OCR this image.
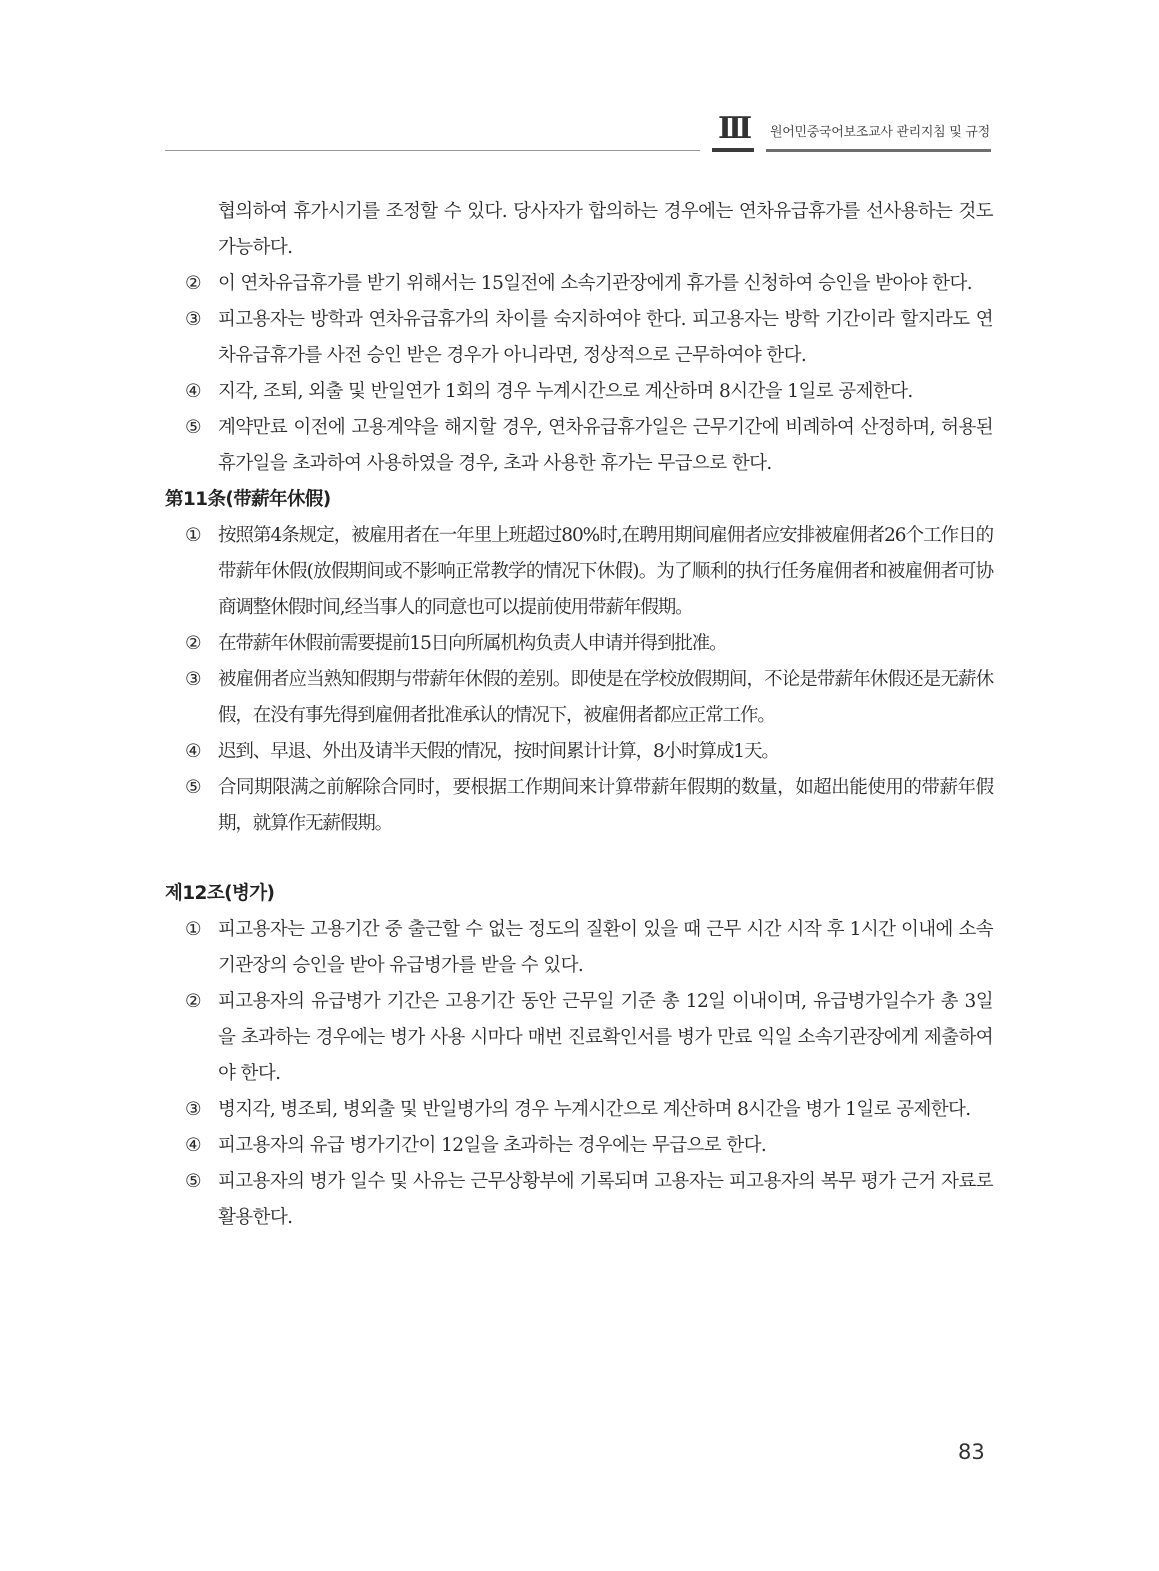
III 원어민중국어보조교사 관리지침 및 규정
협의하여 휴가시기를 조정할 수 있다. 당사자가 합의하는 경우에는 연차유급휴가를 선사용하는 것도 가능하다.
② 이 연차유급휴가를 받기 위해서는 15일전에 소속기관장에게 휴가를 신청하여 승인을 받아야 한다.
③ 피고용자는 방학과 연차유급휴가의 차이를 숙지하여야 한다. 피고용자는 방학 기간이라 할지라도 연차유급휴가를 사전 승인 받은 경우가 아니라면, 정상적으로 근무하여야 한다.
④ 지각, 조퇴, 외출 및 반일연가 1회의 경우 누계시간으로 계산하며 8시간을 1일로 공제한다.
⑤ 계약만료 이전에 고용계약을 해지할 경우, 연차유급휴가일은 근무기간에 비례하여 산정하며, 허용된 휴가일을 초과하여 사용하였을 경우, 초과 사용한 휴가는 무급으로 한다.
第11条(带薪年休假)
① 按照第4条规定，被雇用者在一年里上班超过80%时,在聘用期间雇佣者应安排被雇佣者26个工作日的带薪年休假(放假期间或不影响正常教学的情况下休假)。为了顺利的执行任务雇佣者和被雇佣者可协商调整休假时间,经当事人的同意也可以提前使用带薪年假期。
② 在带薪年休假前需要提前15日向所属机构负责人申请并得到批准。
③ 被雇佣者应当熟知假期与带薪年休假的差别。即使是在学校放假期间，不论是带薪年休假还是无薪休假，在没有事先得到雇佣者批准承认的情况下，被雇佣者都应正常工作。
④ 迟到、早退、外出及请半天假的情况，按时间累计计算，8小时算成1天。
⑤ 合同期限满之前解除合同时，要根据工作期间来计算带薪年假期的数量，如超出能使用的带薪年假期，就算作无薪假期。
제12조(병가)
① 피고용자는 고용기간 중 출근할 수 없는 정도의 질환이 있을 때 근무 시간 시작 후 1시간 이내에 소속기관장의 승인을 받아 유급병가를 받을 수 있다.
② 피고용자의 유급병가 기간은 고용기간 동안 근무일 기준 총 12일 이내이며, 유급병가일수가 총 3일을 초과하는 경우에는 병가 사용 시마다 매번 진료확인서를 병가 만료 익일 소속기관장에게 제출하여야 한다.
③ 병지각, 병조퇴, 병외출 및 반일병가의 경우 누계시간으로 계산하며 8시간을 병가 1일로 공제한다.
④ 피고용자의 유급 병가기간이 12일을 초과하는 경우에는 무급으로 한다.
⑤ 피고용자의 병가 일수 및 사유는 근무상황부에 기록되며 고용자는 피고용자의 복무 평가 근거 자료로 활용한다.
83
